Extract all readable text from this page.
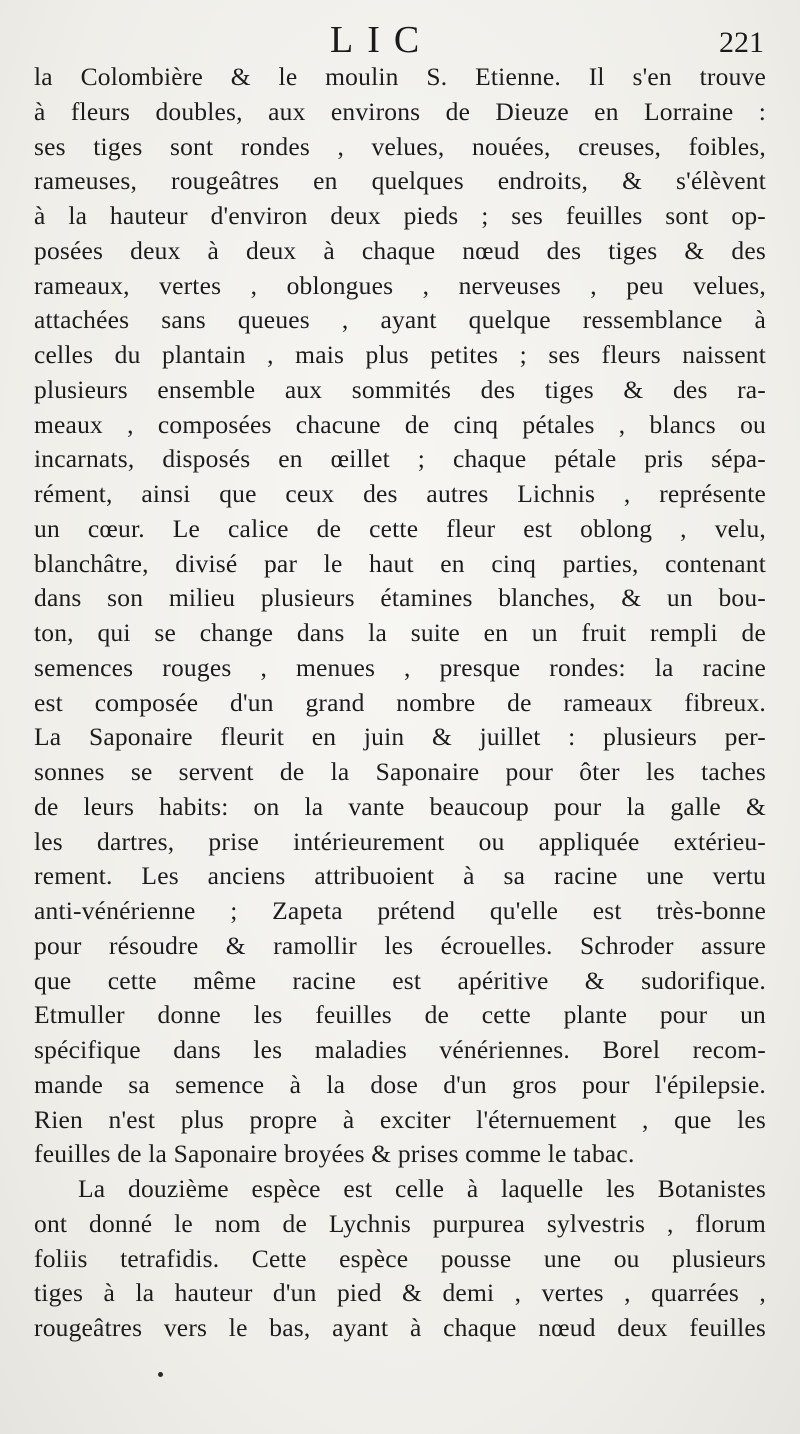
LIC	221
la Colombière & le moulin S. Etienne. Il s'en trouve
à fleurs doubles, aux environs de Dieuze en Lorraine :
ses tiges sont rondes , velues, nouées, creuses, foibles,
rameuses, rougeâtres en quelques endroits, & s'élèvent
à la hauteur d'environ deux pieds ; ses feuilles sont op-
posées deux à deux à chaque nœud des tiges & des
rameaux, vertes , oblongues , nerveuses , peu velues,
attachées sans queues , ayant quelque ressemblance à
celles du plantain , mais plus petites ; ses fleurs naissent
plusieurs ensemble aux sommités des tiges & des ra-
meaux , composées chacune de cinq pétales , blancs ou
incarnats, disposés en œillet ; chaque pétale pris sépa-
rément, ainsi que ceux des autres Lichnis , représente
un cœur. Le calice de cette fleur est oblong , velu,
blanchâtre, divisé par le haut en cinq parties, contenant
dans son milieu plusieurs étamines blanches, & un bou-
ton, qui se change dans la suite en un fruit rempli de
semences rouges , menues , presque rondes: la racine
est composée d'un grand nombre de rameaux fibreux.
La Saponaire fleurit en juin & juillet : plusieurs per-
sonnes se servent de la Saponaire pour ôter les taches
de leurs habits: on la vante beaucoup pour la galle &
les dartres, prise intérieurement ou appliquée extérieu-
rement. Les anciens attribuoient à sa racine une vertu
anti-vénérienne ; Zapeta prétend qu'elle est très-bonne
pour résoudre & ramollir les écrouelles. Schroder assure
que cette même racine est apéritive & sudorifique.
Etmuller donne les feuilles de cette plante pour un
spécifique dans les maladies vénériennes. Borel recom-
mande sa semence à la dose d'un gros pour l'épilepsie.
Rien n'est plus propre à exciter l'éternuement , que les
feuilles de la Saponaire broyées & prises comme le tabac.
La douzième espèce est celle à laquelle les Botanistes
ont donné le nom de Lychnis purpurea sylvestris , florum
foliis tetrafidis. Cette espèce pousse une ou plusieurs
tiges à la hauteur d'un pied & demi , vertes , quarrées ,
rougeâtres vers le bas, ayant à chaque nœud deux feuilles
